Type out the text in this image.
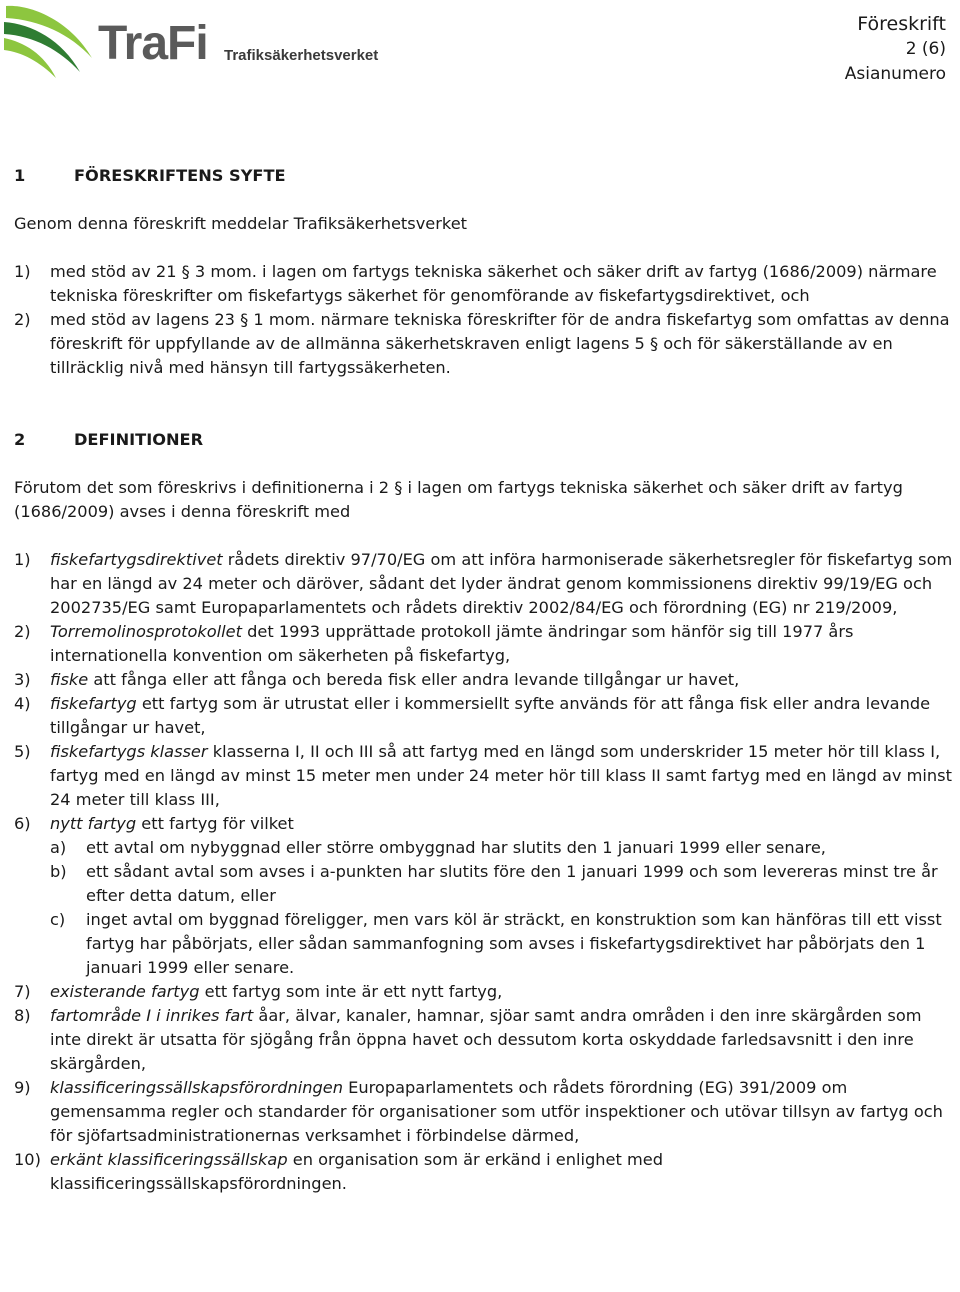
TraFi Trafiksäkerhetsverket
Föreskrift
2 (6)
Asianumero
1	FÖRESKRIFTENS SYFTE

Genom denna föreskrift meddelar Trafiksäkerhetsverket

1)	med stöd av 21 § 3 mom. i lagen om fartygs tekniska säkerhet och säker drift av fartyg (1686/2009) närmare tekniska föreskrifter om fiskefartygs säkerhet för genomförande av fiskefartygsdirektivet, och
2)	med stöd av lagens 23 § 1 mom. närmare tekniska föreskrifter för de andra fiskefartyg som omfattas av denna föreskrift för uppfyllande av de allmänna säkerhetskraven enligt lagens 5 § och för säkerställande av en tillräcklig nivå med hänsyn till fartygssäkerheten.
2	DEFINITIONER

Förutom det som föreskrivs i definitionerna i 2 § i lagen om fartygs tekniska säkerhet och säker drift av fartyg (1686/2009) avses i denna föreskrift med

1)	fiskefartygsdirektivet rådets direktiv 97/70/EG om att införa harmoniserade säkerhetsregler för fiskefartyg som har en längd av 24 meter och däröver, sådant det lyder ändrat genom kommissionens direktiv 99/19/EG och 2002735/EG samt Europaparlamentets och rådets direktiv 2002/84/EG och förordning (EG) nr 219/2009,
2)	Torremolinosprotokollet det 1993 upprättade protokoll jämte ändringar som hänför sig till 1977 års internationella konvention om säkerheten på fiskefartyg,
3)	fiske att fånga eller att fånga och bereda fisk eller andra levande tillgångar ur havet,
4)	fiskefartyg ett fartyg som är utrustat eller i kommersiellt syfte används för att fånga fisk eller andra levande tillgångar ur havet,
5)	fiskefartygs klasser klasserna I, II och III så att fartyg med en längd som underskrider 15 meter hör till klass I, fartyg med en längd av minst 15 meter men under 24 meter hör till klass II samt fartyg med en längd av minst 24 meter till klass III,
6)	nytt fartyg ett fartyg för vilket
a)	ett avtal om nybyggnad eller större ombyggnad har slutits den 1 januari 1999 eller senare,
b)	ett sådant avtal som avses i a-punkten har slutits före den 1 januari 1999 och som levereras minst tre år efter detta datum, eller
c)	inget avtal om byggnad föreligger, men vars köl är sträckt, en konstruktion som kan hänföras till ett visst fartyg har påbörjats, eller sådan sammanfogning som avses i fiskefartygsdirektivet har påbörjats den 1 januari 1999 eller senare.
7)	existerande fartyg ett fartyg som inte är ett nytt fartyg,
8)	fartområde I i inrikes fart åar, älvar, kanaler, hamnar, sjöar samt andra områden i den inre skärgården som inte direkt är utsatta för sjögång från öppna havet och dessutom korta oskyddade farledsavsnitt i den inre skärgården,
9)	klassificeringssällskapsförordningen Europaparlamentets och rådets förordning (EG) 391/2009 om gemensamma regler och standarder för organisationer som utför inspektioner och utövar tillsyn av fartyg och för sjöfartsadministrationernas verksamhet i förbindelse därmed,
10) erkänt klassificeringssällskap en organisation som är erkänd i enlighet med klassificeringssällskapsförordningen.
